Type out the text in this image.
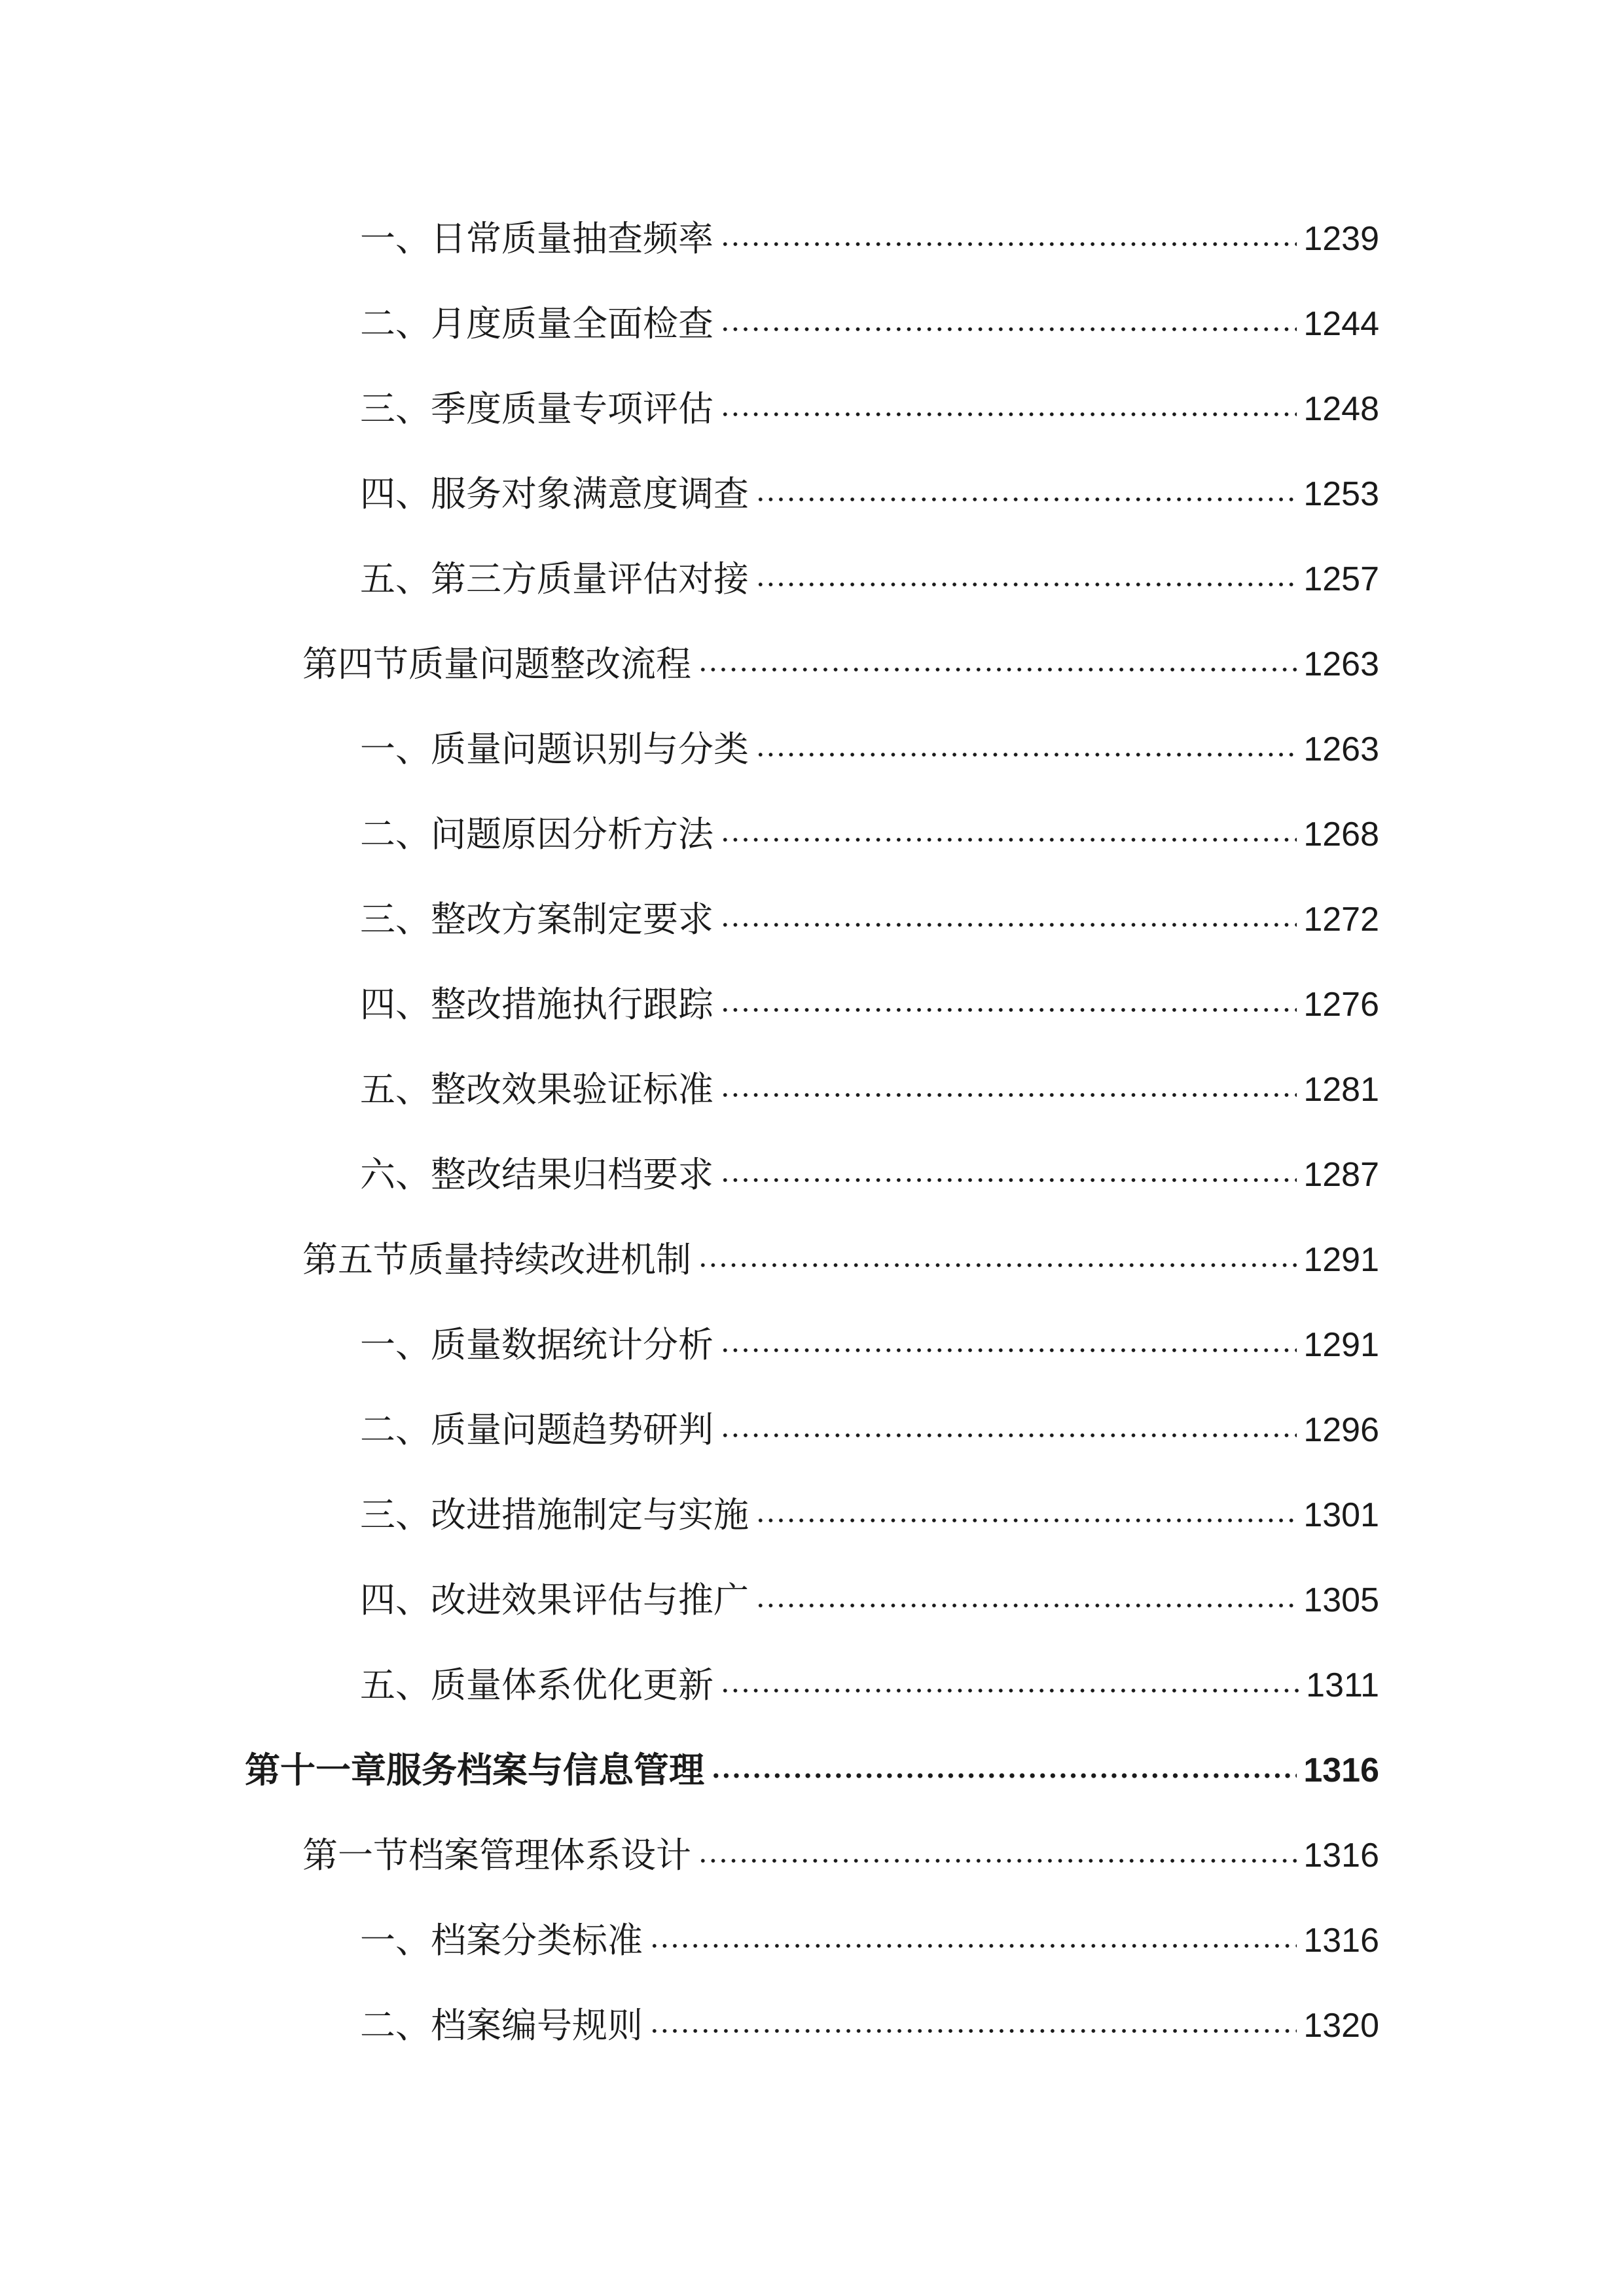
一、日常质量抽查频率	1239
二、月度质量全面检查	1244
三、季度质量专项评估	1248
四、服务对象满意度调查	1253
五、第三方质量评估对接	1257
第四节质量问题整改流程	1263
一、质量问题识别与分类	1263
二、问题原因分析方法	1268
三、整改方案制定要求	1272
四、整改措施执行跟踪	1276
五、整改效果验证标准	1281
六、整改结果归档要求	1287
第五节质量持续改进机制	1291
一、质量数据统计分析	1291
二、质量问题趋势研判	1296
三、改进措施制定与实施	1301
四、改进效果评估与推广	1305
五、质量体系优化更新	1311
第十一章服务档案与信息管理	1316
第一节档案管理体系设计	1316
一、档案分类标准	1316
二、档案编号规则	1320
